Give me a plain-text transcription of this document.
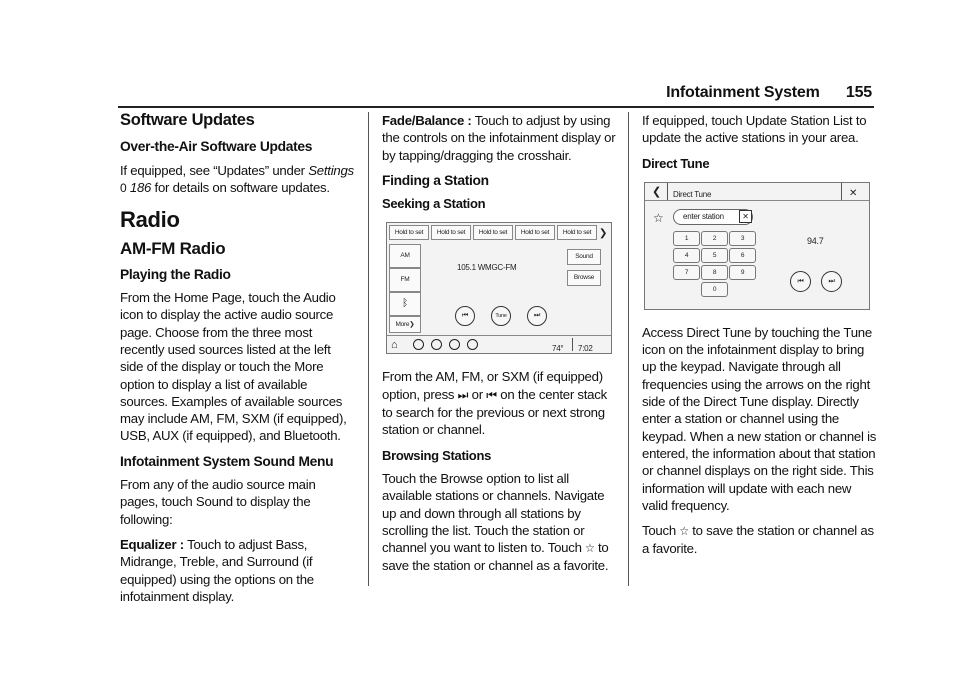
Infotainment System 155
Software Updates
Over-the-Air Software Updates

If equipped, see “Updates” under Settings
0 186 for details on software updates.

Radio
AM-FM Radio
Playing the Radio

From the Home Page, touch the Audio icon to display the active audio source page. Choose from the three most recently used sources listed at the left side of the display or touch the More option to display a list of available sources. Examples of available sources may include AM, FM, SXM (if equipped), USB, AUX (if equipped), and Bluetooth.

Infotainment System Sound Menu

From any of the audio source main pages, touch Sound to display the following:

Equalizer : Touch to adjust Bass, Midrange, Treble, and Surround (if equipped) using the options on the infotainment display.

Fade/Balance : Touch to adjust by using the controls on the infotainment display or by tapping/dragging the crosshair.

Finding a Station
Seeking a Station
Hold to set	Hold to set	Hold to set	Hold to set	Hold to set ❯
AM
FM
ᛒ
More❯
105.1 WMGC-FM
Sound
Browse
⏮	Tune	⏭
⌂	74° 7:02

From the AM, FM, or SXM (if equipped) option, press ⏭ or ⏮ on the center stack to search for the previous or next strong station or channel.

Browsing Stations

Touch the Browse option to list all available stations or channels. Navigate up and down through all stations by scrolling the list. Touch the station or channel you want to listen to. Touch ☆ to save the station or channel as a favorite.

If equipped, touch Update Station List to update the active stations in your area.

Direct Tune
❮ Direct Tune	✕
☆	enter station	✕
1	2	3
4	5	6
7	8	9
0
94.7
⏮	⏭

Access Direct Tune by touching the Tune icon on the infotainment display to bring up the keypad. Navigate through all frequencies using the arrows on the right side of the Direct Tune display. Directly enter a station or channel using the keypad. When a new station or channel is entered, the information about that station or channel displays on the right side. This information will update with each new valid frequency.

Touch ☆ to save the station or channel as a favorite.
